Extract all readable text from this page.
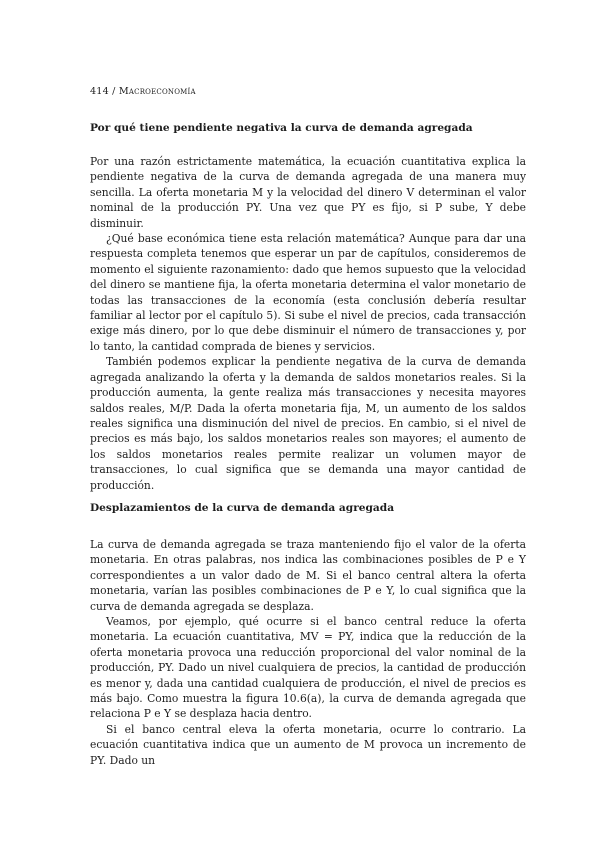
414 / Macroeconomía
Por qué tiene pendiente negativa la curva de demanda agregada

Por una razón estrictamente matemática, la ecuación cuantitativa explica la pendiente negativa de la curva de demanda agregada de una manera muy sencilla. La oferta monetaria M y la velocidad del dinero V determinan el valor nominal de la producción PY. Una vez que PY es fijo, si P sube, Y debe disminuir.

¿Qué base económica tiene esta relación matemática? Aunque para dar una respuesta completa tenemos que esperar un par de capítulos, consideremos de momento el siguiente razonamiento: dado que hemos supuesto que la velocidad del dinero se mantiene fija, la oferta monetaria determina el valor monetario de todas las transacciones de la economía (esta conclusión debería resultar familiar al lector por el capítulo 5). Si sube el nivel de precios, cada transacción exige más dinero, por lo que debe disminuir el número de transacciones y, por lo tanto, la cantidad comprada de bienes y servicios.

También podemos explicar la pendiente negativa de la curva de demanda agregada analizando la oferta y la demanda de saldos monetarios reales. Si la producción aumenta, la gente realiza más transacciones y necesita mayores saldos reales, M/P. Dada la oferta monetaria fija, M, un aumento de los saldos reales significa una disminución del nivel de precios. En cambio, si el nivel de precios es más bajo, los saldos monetarios reales son mayores; el aumento de los saldos monetarios reales permite realizar un volumen mayor de transacciones, lo cual significa que se demanda una mayor cantidad de producción.

Desplazamientos de la curva de demanda agregada

La curva de demanda agregada se traza manteniendo fijo el valor de la oferta monetaria. En otras palabras, nos indica las combinaciones posibles de P e Y correspondientes a un valor dado de M. Si el banco central altera la oferta monetaria, varían las posibles combinaciones de P e Y, lo cual significa que la curva de demanda agregada se desplaza.

Veamos, por ejemplo, qué ocurre si el banco central reduce la oferta monetaria. La ecuación cuantitativa, MV = PY, indica que la reducción de la oferta monetaria provoca una reducción proporcional del valor nominal de la producción, PY. Dado un nivel cualquiera de precios, la cantidad de producción es menor y, dada una cantidad cualquiera de producción, el nivel de precios es más bajo. Como muestra la figura 10.6(a), la curva de demanda agregada que relaciona P e Y se desplaza hacia dentro.

Si el banco central eleva la oferta monetaria, ocurre lo contrario. La ecuación cuantitativa indica que un aumento de M provoca un incremento de PY. Dado un
